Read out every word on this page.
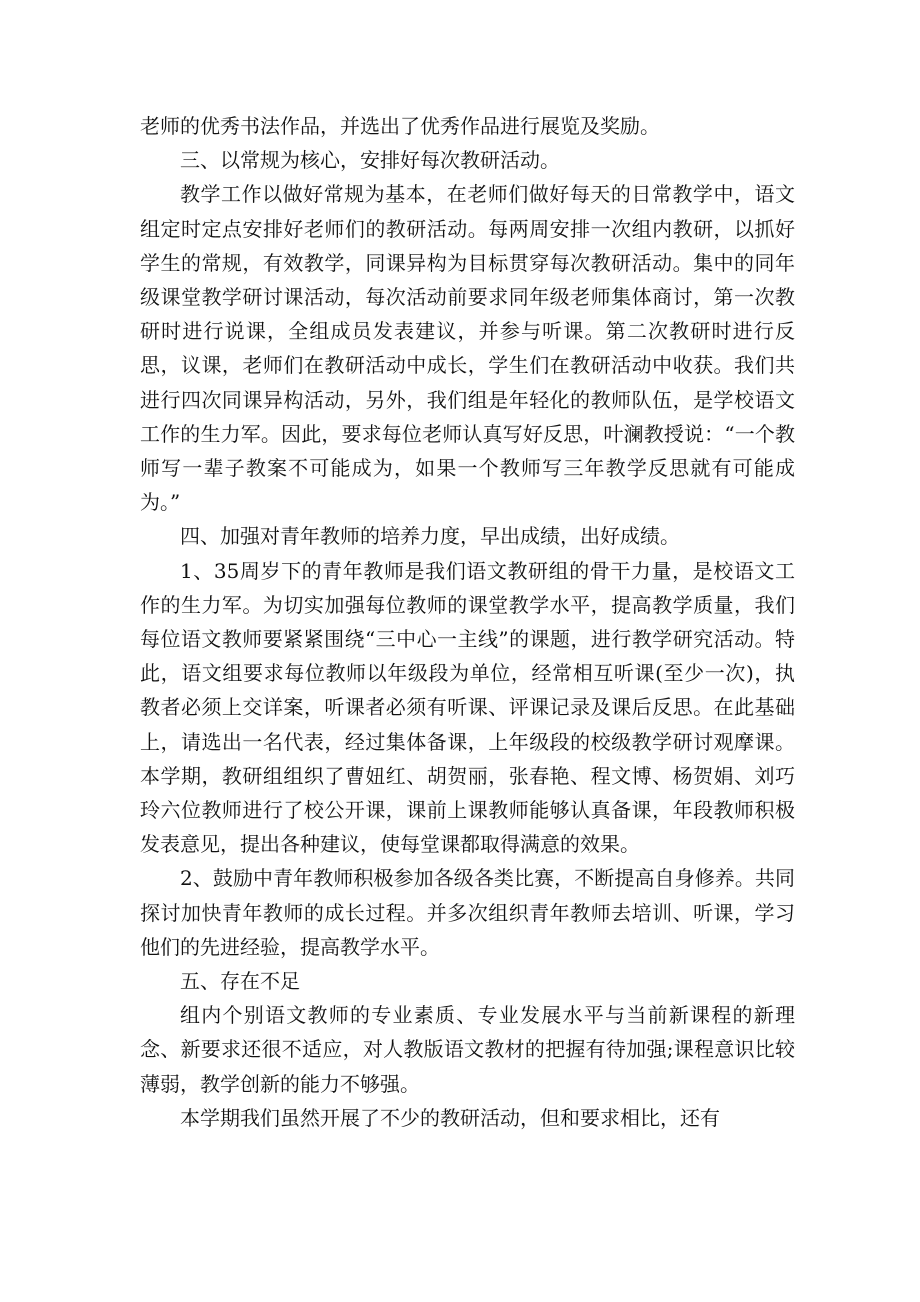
老师的优秀书法作品，并选出了优秀作品进行展览及奖励。

三、以常规为核心，安排好每次教研活动。

教学工作以做好常规为基本，在老师们做好每天的日常教学中，语文组定时定点安排好老师们的教研活动。每两周安排一次组内教研，以抓好学生的常规，有效教学，同课异构为目标贯穿每次教研活动。集中的同年级课堂教学研讨课活动，每次活动前要求同年级老师集体商讨，第一次教研时进行说课，全组成员发表建议，并参与听课。第二次教研时进行反思，议课，老师们在教研活动中成长，学生们在教研活动中收获。我们共进行四次同课异构活动，另外，我们组是年轻化的教师队伍，是学校语文工作的生力军。因此，要求每位老师认真写好反思，叶澜教授说：“一个教师写一辈子教案不可能成为，如果一个教师写三年教学反思就有可能成为。”

四、加强对青年教师的培养力度，早出成绩，出好成绩。

1、35周岁下的青年教师是我们语文教研组的骨干力量，是校语文工作的生力军。为切实加强每位教师的课堂教学水平，提高教学质量，我们每位语文教师要紧紧围绕“三中心一主线”的课题，进行教学研究活动。特此，语文组要求每位教师以年级段为单位，经常相互听课(至少一次)，执教者必须上交详案，听课者必须有听课、评课记录及课后反思。在此基础上，请选出一名代表，经过集体备课，上年级段的校级教学研讨观摩课。本学期，教研组组织了曹妞红、胡贺丽，张春艳、程文博、杨贺娟、刘巧玲六位教师进行了校公开课，课前上课教师能够认真备课，年段教师积极发表意见，提出各种建议，使每堂课都取得满意的效果。

2、鼓励中青年教师积极参加各级各类比赛，不断提高自身修养。共同探讨加快青年教师的成长过程。并多次组织青年教师去培训、听课，学习他们的先进经验，提高教学水平。

五、存在不足

组内个别语文教师的专业素质、专业发展水平与当前新课程的新理念、新要求还很不适应，对人教版语文教材的把握有待加强;课程意识比较薄弱，教学创新的能力不够强。

本学期我们虽然开展了不少的教研活动，但和要求相比，还有
